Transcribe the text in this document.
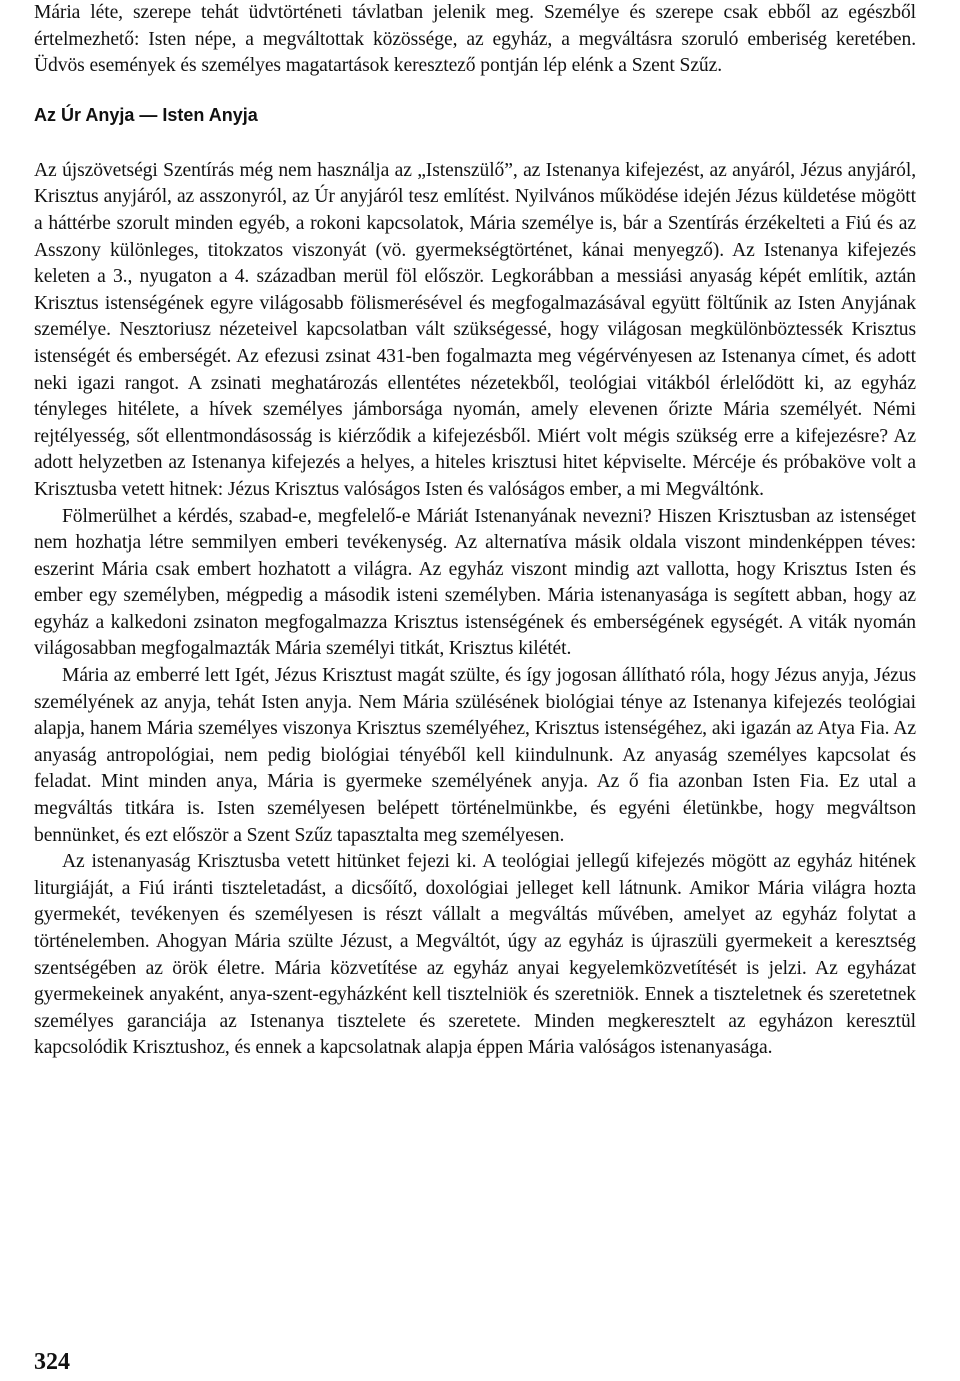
Mária léte, szerepe tehát üdvtörténeti távlatban jelenik meg. Személye és szerepe csak ebből az egészből értelmezhető: Isten népe, a megváltottak közössége, az egyház, a megváltásra szoruló emberiség keretében. Üdvös események és személyes magatartások keresztező pontján lép elénk a Szent Szűz.

Az Úr Anyja — Isten Anyja

Az újszövetségi Szentírás még nem használja az „Istenszülő”, az Istenanya kifejezést, az anyáról, Jézus anyjáról, Krisztus anyjáról, az asszonyról, az Úr anyjáról tesz említést. Nyilvános működése idején Jézus küldetése mögött a háttérbe szorult minden egyéb, a rokoni kapcsolatok, Mária személye is, bár a Szentírás érzékelteti a Fiú és az Asszony különleges, titokzatos viszonyát (vö. gyermekségtörténet, kánai menyegző). Az Istenanya kifejezés keleten a 3., nyugaton a 4. században merül föl először. Legkorábban a messiási anyaság képét említik, aztán Krisztus istenségének egyre világosabb fölismerésével és megfogalmazásával együtt föltűnik az Isten Anyjának személye. Nesztoriusz nézeteivel kapcsolatban vált szükségessé, hogy világosan megkülönböztessék Krisztus istenségét és emberségét. Az efezusi zsinat 431-ben fogalmazta meg végérvényesen az Istenanya címet, és adott neki igazi rangot. A zsinati meghatározás ellentétes nézetekből, teológiai vitákból érlelődött ki, az egyház tényleges hitélete, a hívek személyes jámborsága nyomán, amely elevenen őrizte Mária személyét. Némi rejtélyesség, sőt ellentmondásosság is kiérződik a kifejezésből. Miért volt mégis szükség erre a kifejezésre? Az adott helyzetben az Istenanya kifejezés a helyes, a hiteles krisztusi hitet képviselte. Mércéje és próbaköve volt a Krisztusba vetett hitnek: Jézus Krisztus valóságos Isten és valóságos ember, a mi Megváltónk.

Fölmerülhet a kérdés, szabad-e, megfelelő-e Máriát Istenanyának nevezni? Hiszen Krisztusban az istenséget nem hozhatja létre semmilyen emberi tevékenység. Az alternatíva másik oldala viszont mindenképpen téves: eszerint Mária csak embert hozhatott a világra. Az egyház viszont mindig azt vallotta, hogy Krisztus Isten és ember egy személyben, mégpedig a második isteni személyben. Mária istenanyasága is segített abban, hogy az egyház a kalkedoni zsinaton megfogalmazza Krisztus istenségének és emberségének egységét. A viták nyomán világosabban megfogalmazták Mária személyi titkát, Krisztus kilétét.

Mária az emberré lett Igét, Jézus Krisztust magát szülte, és így jogosan állítható róla, hogy Jézus anyja, Jézus személyének az anyja, tehát Isten anyja. Nem Mária szülésének biológiai ténye az Istenanya kifejezés teológiai alapja, hanem Mária személyes viszonya Krisztus személyéhez, Krisztus istenségéhez, aki igazán az Atya Fia. Az anyaság antropológiai, nem pedig biológiai tényéből kell kiindulnunk. Az anyaság személyes kapcsolat és feladat. Mint minden anya, Mária is gyermeke személyének anyja. Az ő fia azonban Isten Fia. Ez utal a megváltás titkára is. Isten személyesen belépett történelmünkbe, és egyéni életünkbe, hogy megváltson bennünket, és ezt először a Szent Szűz tapasztalta meg személyesen.

Az istenanyaság Krisztusba vetett hitünket fejezi ki. A teológiai jellegű kifejezés mögött az egyház hitének liturgiáját, a Fiú iránti tiszteletadást, a dicsőítő, doxológiai jelleget kell látnunk. Amikor Mária világra hozta gyermekét, tevékenyen és személyesen is részt vállalt a megváltás művében, amelyet az egyház folytat a történelemben. Ahogyan Mária szülte Jézust, a Megváltót, úgy az egyház is újraszüli gyermekeit a keresztség szentségében az örök életre. Mária közvetítése az egyház anyai kegyelemközvetítését is jelzi. Az egyházat gyermekeinek anyaként, anya-szent-egyházként kell tisztelniök és szeretniök. Ennek a tiszteletnek és szeretetnek személyes garanciája az Istenanya tisztelete és szeretete. Minden megkeresztelt az egyházon keresztül kapcsolódik Krisztushoz, és ennek a kapcsolatnak alapja éppen Mária valóságos istenanyasága.

324
